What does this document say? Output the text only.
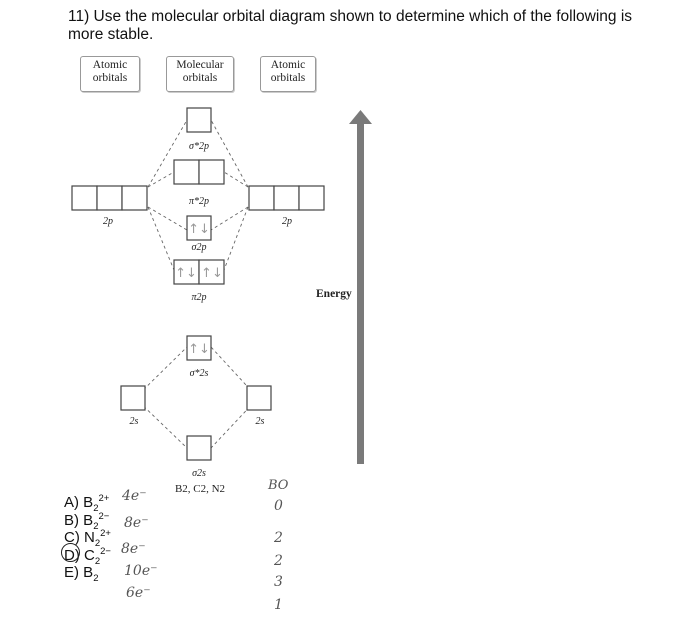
11) Use the molecular orbital diagram shown to determine which of the following is more stable.

Atomic orbitals
Molecular orbitals
Atomic orbitals
↑↓
↑↓ ↑↓
↑↓
σ*2p
π*2p
σ2p
π2p
σ*2s
σ2s
2p	2p
2s	2s
B2, C2, N2
Energy
A) $B_2^{2+}$
B) $B_2^{2-}$
C) $N_2^{2+}$
D) $C_2^{2-}$
E) $B_2$
4e⁻
8e⁻
8e⁻
10e⁻
6e⁻
BO
0
2
2
3
1
